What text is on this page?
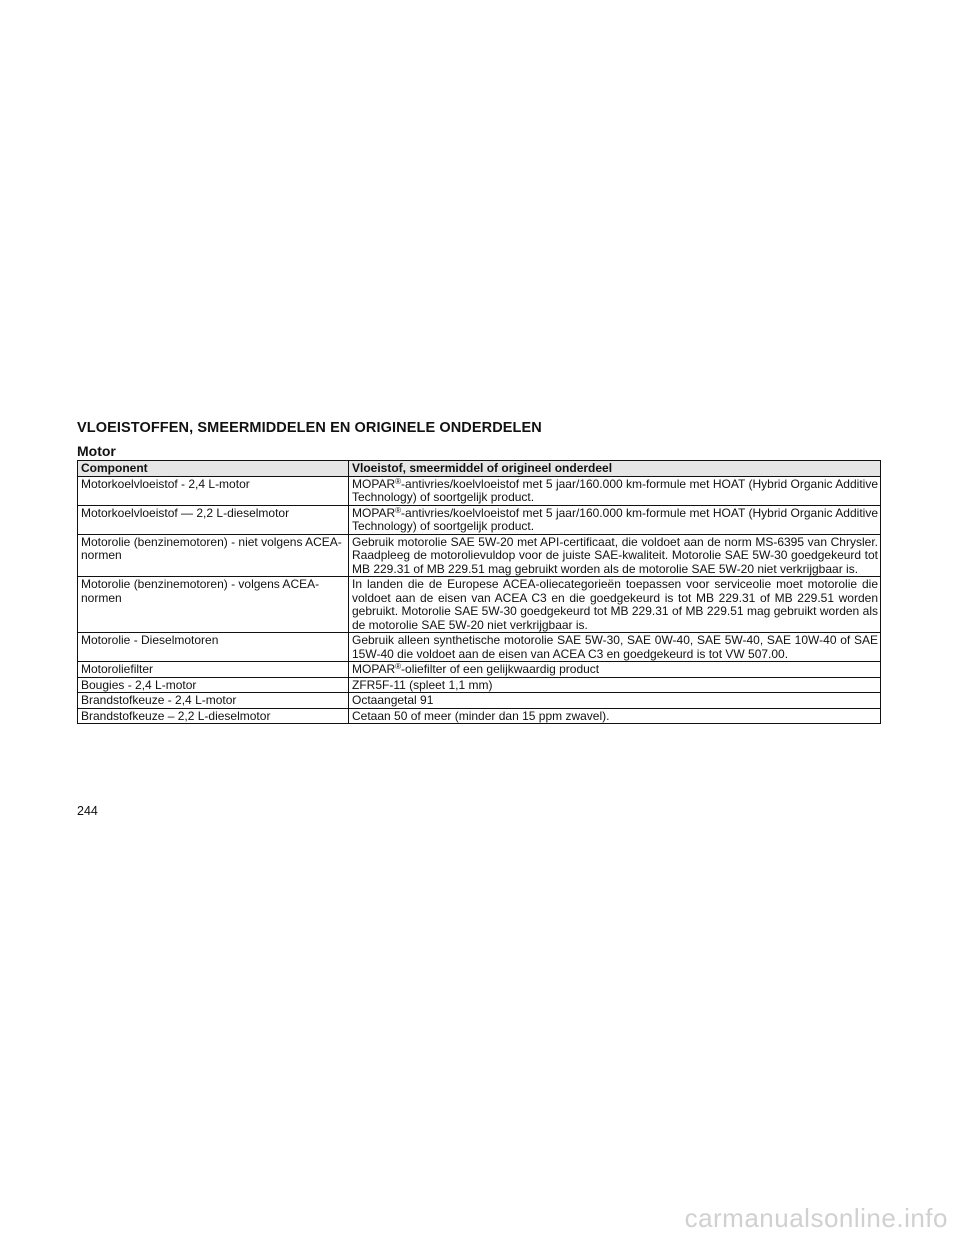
VLOEISTOFFEN, SMEERMIDDELEN EN ORIGINELE ONDERDELEN
Motor
Component	Vloeistof, smeermiddel of origineel onderdeel
Motorkoelvloeistof - 2,4 L-motor	MOPAR®-antivries/koelvloeistof met 5 jaar/160.000 km-formule met HOAT (Hybrid Organic Additive Technology) of soortgelijk product.
Motorkoelvloeistof — 2,2 L-dieselmotor	MOPAR®-antivries/koelvloeistof met 5 jaar/160.000 km-formule met HOAT (Hybrid Organic Additive Technology) of soortgelijk product.
Motorolie (benzinemotoren) - niet volgens ACEA-normen	Gebruik motorolie SAE 5W-20 met API-certificaat, die voldoet aan de norm MS-6395 van Chrysler. Raadpleeg de motorolievuldop voor de juiste SAE-kwaliteit. Motorolie SAE 5W-30 goedgekeurd tot MB 229.31 of MB 229.51 mag gebruikt worden als de motorolie SAE 5W-20 niet verkrijgbaar is.
Motorolie (benzinemotoren) - volgens ACEA-normen	In landen die de Europese ACEA-oliecategorieën toepassen voor serviceolie moet motorolie die voldoet aan de eisen van ACEA C3 en die goedgekeurd is tot MB 229.31 of MB 229.51 worden gebruikt. Motorolie SAE 5W-30 goedgekeurd tot MB 229.31 of MB 229.51 mag gebruikt worden als de motorolie SAE 5W-20 niet verkrijgbaar is.
Motorolie - Dieselmotoren	Gebruik alleen synthetische motorolie SAE 5W-30, SAE 0W-40, SAE 5W-40, SAE 10W-40 of SAE 15W-40 die voldoet aan de eisen van ACEA C3 en goedgekeurd is tot VW 507.00.
Motoroliefilter	MOPAR®-oliefilter of een gelijkwaardig product
Bougies - 2,4 L-motor	ZFR5F-11 (spleet 1,1 mm)
Brandstofkeuze - 2,4 L-motor	Octaangetal 91
Brandstofkeuze – 2,2 L-dieselmotor	Cetaan 50 of meer (minder dan 15 ppm zwavel).
244
carmanualsonline.info
